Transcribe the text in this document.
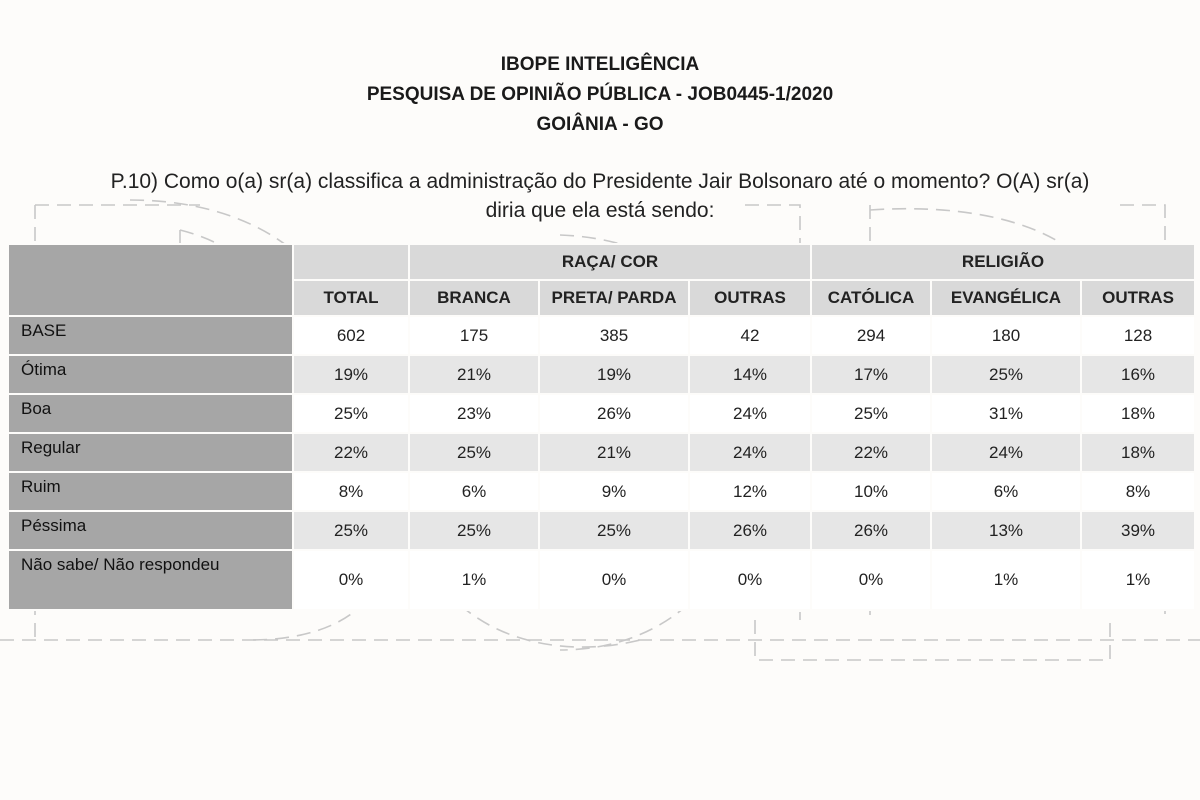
IBOPE INTELIGÊNCIA
PESQUISA DE OPINIÃO PÚBLICA - JOB0445-1/2020
GOIÂNIA - GO
P.10) Como o(a) sr(a) classifica a administração do Presidente Jair Bolsonaro até o momento? O(A) sr(a)
diria que ela está sendo:
		RAÇA/ COR			RELIGIÃO		
	TOTAL	BRANCA	PRETA/ PARDA	OUTRAS	CATÓLICA	EVANGÉLICA	OUTRAS
BASE	602	175	385	42	294	180	128
Ótima	19%	21%	19%	14%	17%	25%	16%
Boa	25%	23%	26%	24%	25%	31%	18%
Regular	22%	25%	21%	24%	22%	24%	18%
Ruim	8%	6%	9%	12%	10%	6%	8%
Péssima	25%	25%	25%	26%	26%	13%	39%
Não sabe/ Não respondeu	0%	1%	0%	0%	0%	1%	1%
